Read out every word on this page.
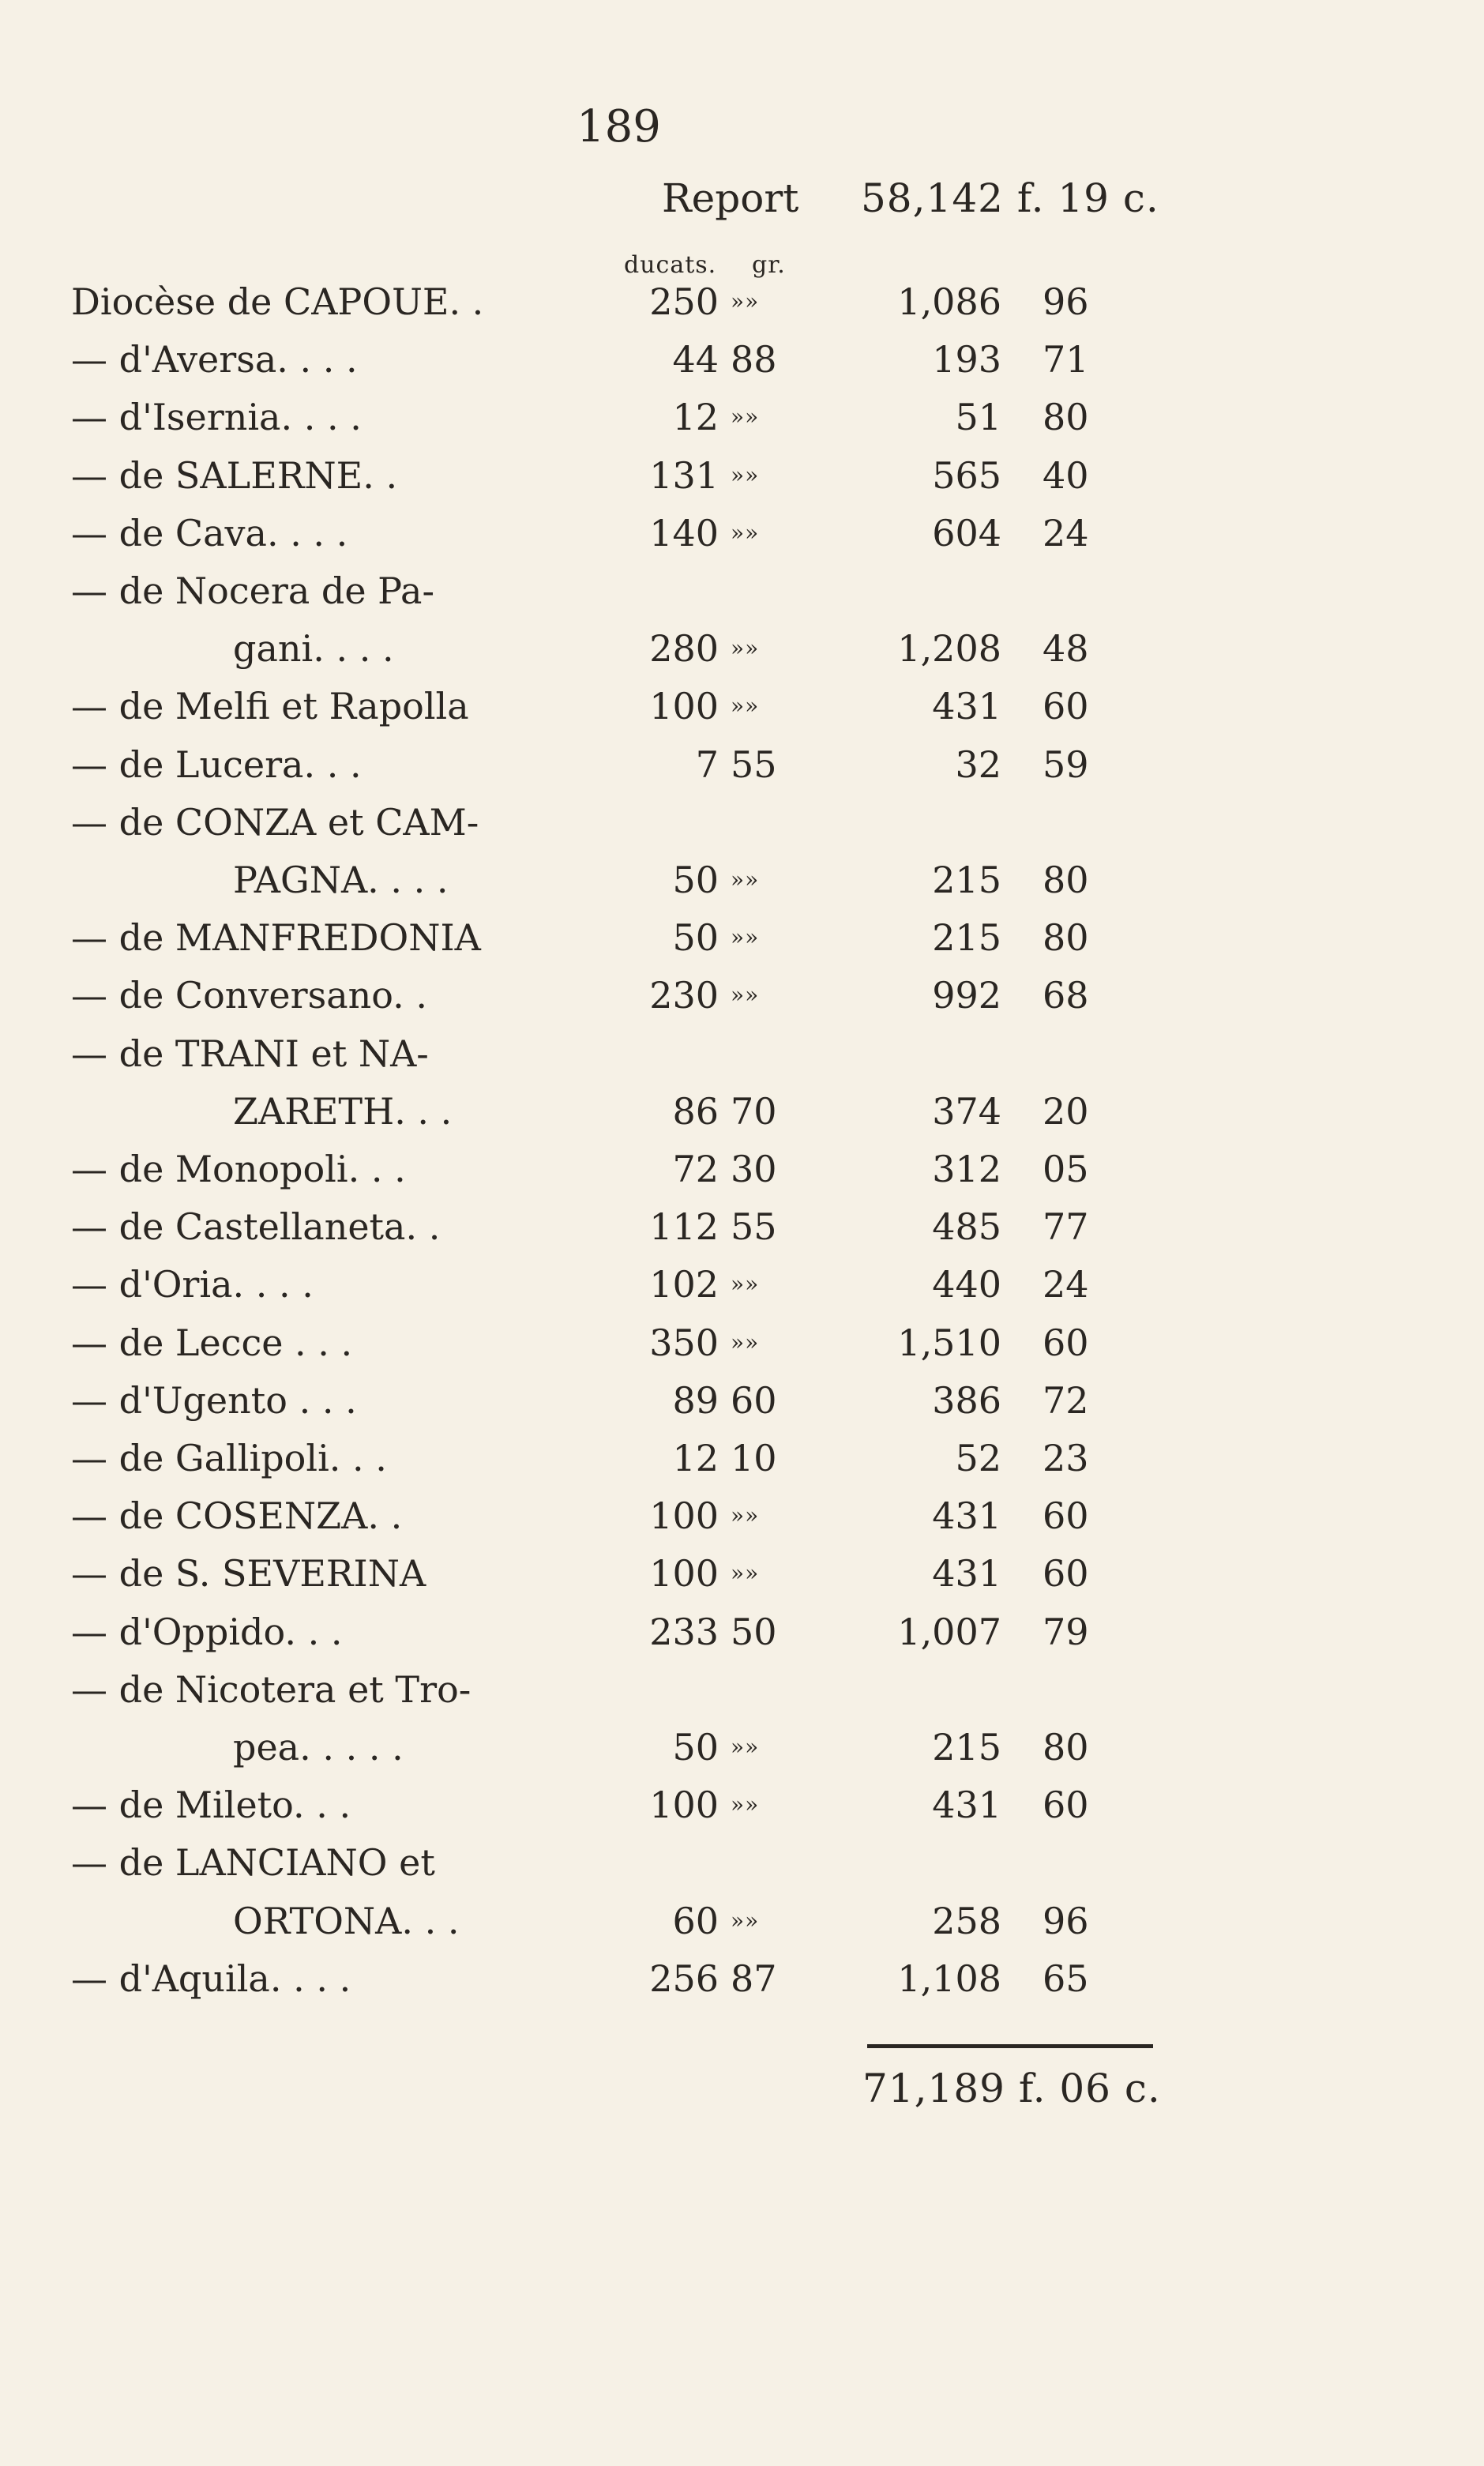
189
Report 58,142 f. 19 c.
ducats. gr.
Diocèse de CAPOUE. .	250 »»	1,086 96
— d'Aversa. . . .	44 88	193 71
— d'Isernia. . . .	12 »»	51 80
— de SALERNE. .	131 »»	565 40
— de Cava. . . .	140 »»	604 24
— de Nocera de Pa-
gani. . . .	280 »»	1,208 48
— de Melfi et Rapolla	100 »»	431 60
— de Lucera. . .	7 55	32 59
— de CONZA et CAM-
PAGNA. . . .	50 »»	215 80
— de MANFREDONIA	50 »»	215 80
— de Conversano. .	230 »»	992 68
— de TRANI et NA-
ZARETH. . .	86 70	374 20
— de Monopoli. . .	72 30	312 05
— de Castellaneta. .	112 55	485 77
— d'Oria. . . .	102 »»	440 24
— de Lecce . . .	350 »»	1,510 60
— d'Ugento . . .	89 60	386 72
— de Gallipoli. . .	12 10	52 23
— de COSENZA. .	100 »»	431 60
— de S. SEVERINA	100 »»	431 60
— d'Oppido. . .	233 50	1,007 79
— de Nicotera et Tro-
pea. . . . .	50 »»	215 80
— de Mileto. . .	100 »»	431 60
— de LANCIANO et
ORTONA. . .	60 »»	258 96
— d'Aquila. . . .	256 87	1,108 65
71,189 f. 06 c.
